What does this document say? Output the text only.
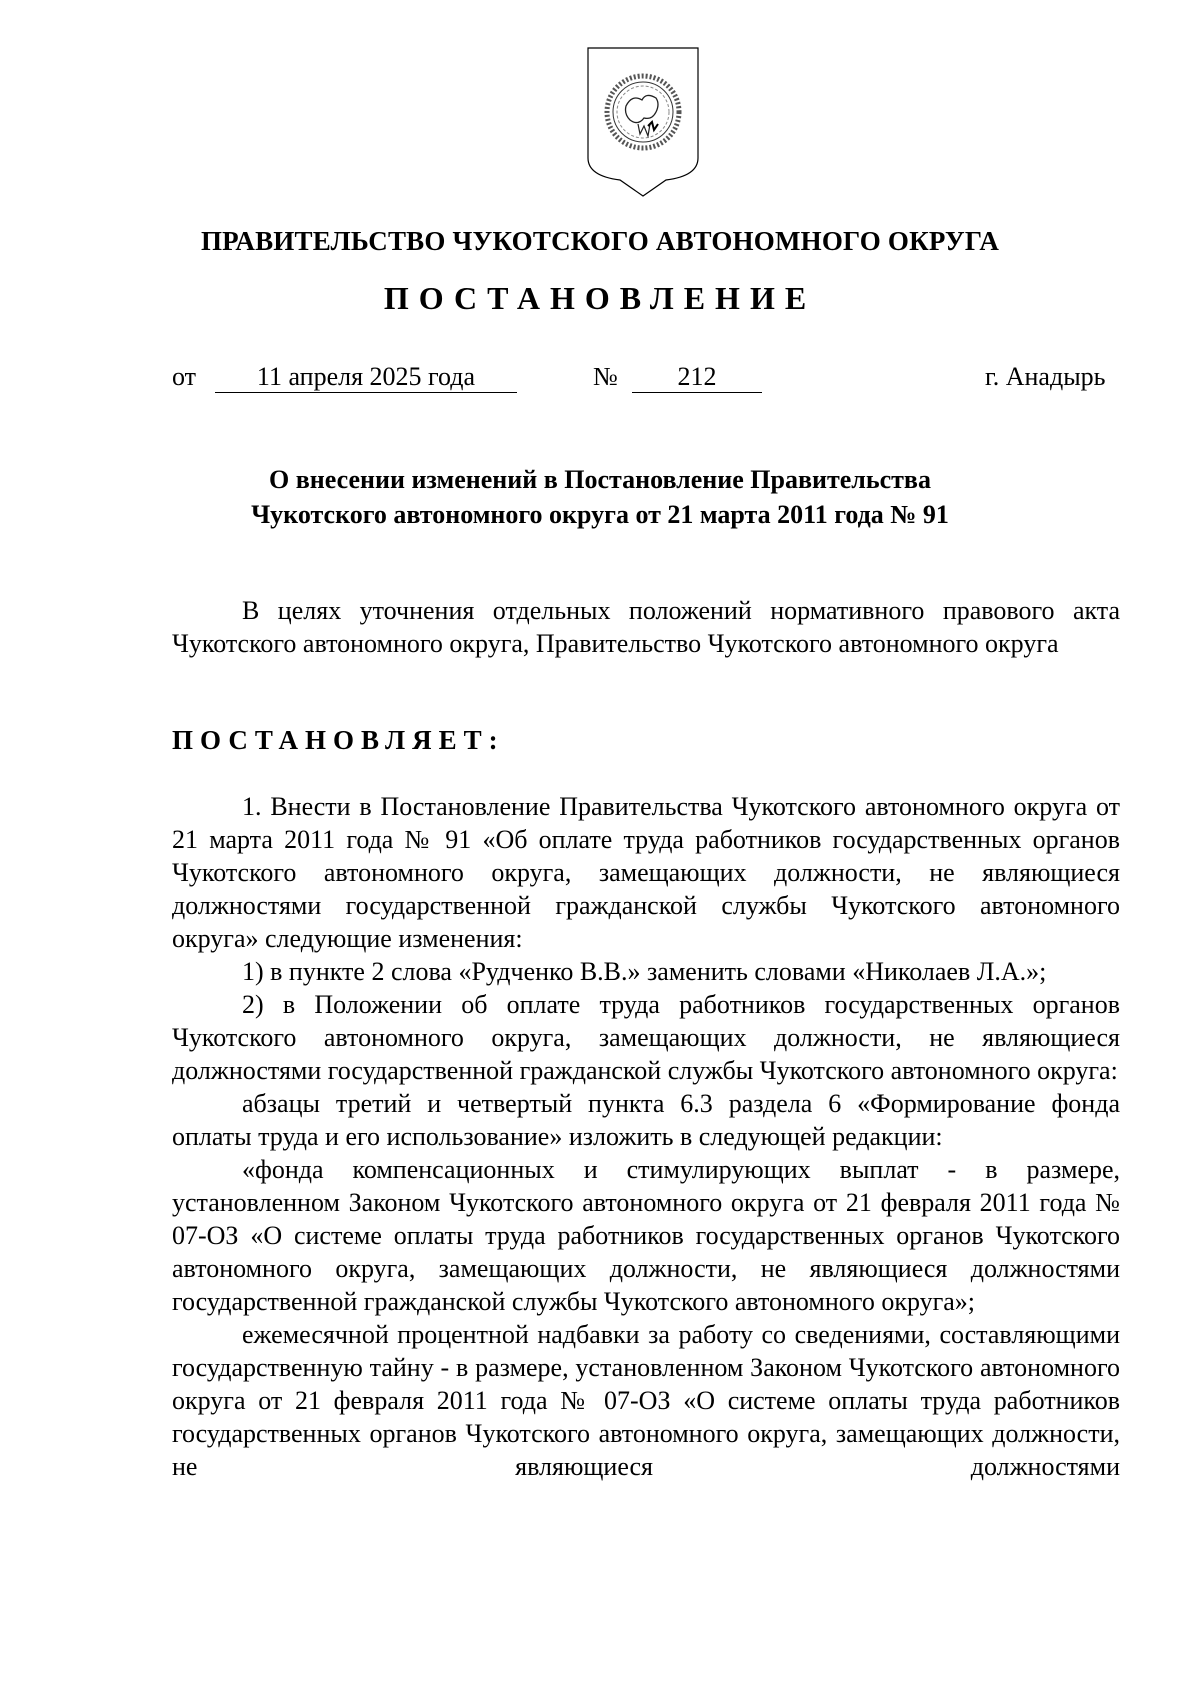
ПРАВИТЕЛЬСТВО ЧУКОТСКОГО АВТОНОМНОГО ОКРУГА
ПОСТАНОВЛЕНИЕ
от	11 апреля 2025 года	№	212	г. Анадырь
О внесении изменений в Постановление Правительства
Чукотского автономного округа от 21 марта 2011 года № 91

В целях уточнения отдельных положений нормативного правового акта Чукотского автономного округа, Правительство Чукотского автономного округа

ПОСТАНОВЛЯЕТ:

1. Внести в Постановление Правительства Чукотского автономного округа от 21 марта 2011 года № 91 «Об оплате труда работников государственных органов Чукотского автономного округа, замещающих должности, не являющиеся должностями государственной гражданской службы Чукотского автономного округа» следующие изменения:

1) в пункте 2 слова «Рудченко В.В.» заменить словами «Николаев Л.А.»;

2) в Положении об оплате труда работников государственных органов Чукотского автономного округа, замещающих должности, не являющиеся должностями государственной гражданской службы Чукотского автономного округа:

абзацы третий и четвертый пункта 6.3 раздела 6 «Формирование фонда оплаты труда и его использование» изложить в следующей редакции:

«фонда компенсационных и стимулирующих выплат - в размере, установленном Законом Чукотского автономного округа от 21 февраля 2011 года № 07-ОЗ «О системе оплаты труда работников государственных органов Чукотского автономного округа, замещающих должности, не являющиеся должностями государственной гражданской службы Чукотского автономного округа»;

ежемесячной процентной надбавки за работу со сведениями, составляющими государственную тайну - в размере, установленном Законом Чукотского автономного округа от 21 февраля 2011 года № 07-ОЗ «О системе оплаты труда работников государственных органов Чукотского автономного округа, замещающих должности, не являющиеся должностями
